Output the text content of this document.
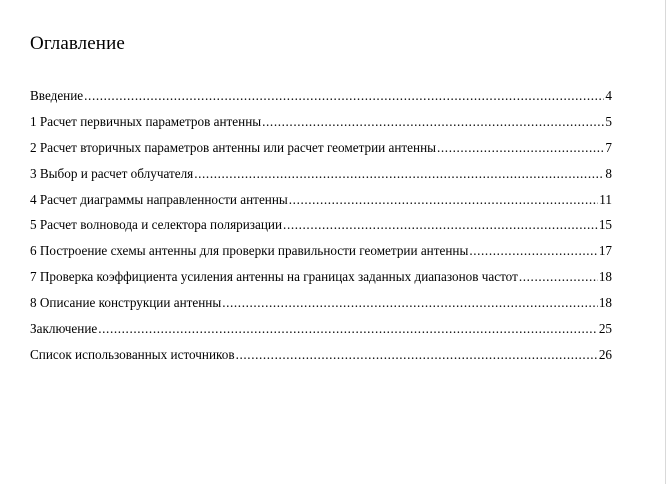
Оглавление
Введение .....	4
1 Расчет первичных параметров антенны .....	5
2 Расчет вторичных параметров антенны или расчет геометрии антенны .....	7
3 Выбор и расчет облучателя .....	8
4 Расчет диаграммы направленности антенны .....	11
5 Расчет волновода и селектора поляризации .....	15
6 Построение схемы антенны для проверки правильности геометрии антенны .....	17
7 Проверка коэффициента усиления антенны на границах заданных диапазонов частот .....	18
8 Описание конструкции антенны .....	18
Заключение .....	25
Список использованных источников .....	26
